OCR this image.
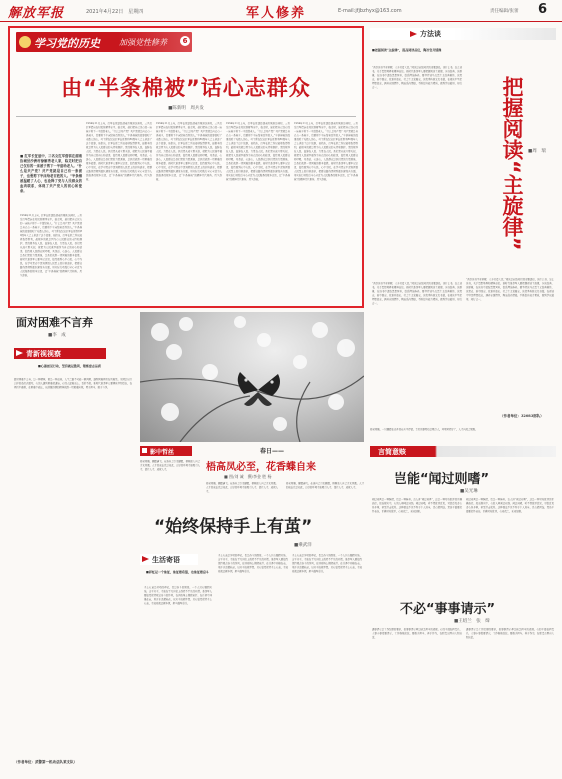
解放军报	2021年4月22日　星期四	军人修养	E-mail:jfjbzhyx@163.com	责任编辑/张蕾 6
学习党的历史 加强党性修养	6
由“半条棉被”话心志群众
■陈新明　周兵发
■ 红军长征途中，三名女红军借宿在湖南汝城县沙洲村徐解秀老人家，临走时把自己仅有的一床被子剪下一半留给老人。“什么是共产党？共产党就是自己有一条被子，也要剪下半床给老百姓的人。”半条棉被温暖了人心，也诠释了党与人民群众的血肉联系，体现了共产党人的初心和使命。
1934年11月上旬，红军长征途经湖南汝城县沙洲村，三名女红军借宿在村民徐解秀家中。临走时，她们把自己仅有的一床被子剪下一半留给老人。“什么是共产党？共产党就是自己有一条被子，也要剪下半床给老百姓的人。”半条棉被的故事温暖了无数人的心。习主席在纪念红军长征胜利80周年大会上讲述了这个故事，他指出，红军长征之所以能够取得胜利，最根本的就是因为有人民群众的支持和拥护。党的根基在人民、血脉在人民、力量在人民。我们党从成立那天起，就把为人民谋幸福作为自己的初心和使命，始终同人民群众同呼吸、共命运、心连心。人民群众是我们党的力量源泉，是我们战胜一切困难的根本依靠。新时代革命军人要牢记宗旨，始终做到心中有民、心中为民，在学习党史中深刻领悟人民至上的价值追求，把群众路线贯彻到部队建设各方面，用实际行动践行全心全意为人民服务的根本宗旨，让“半条棉被”的精神代代相传、历久弥新。
1934年11月上旬，红军长征途经湖南汝城县沙洲村，三名女红军借宿在村民徐解秀家中。临走时，她们把自己仅有的一床被子剪下一半留给老人。“什么是共产党？共产党就是自己有一条被子，也要剪下半床给老百姓的人。”半条棉被的故事温暖了无数人的心。习主席在纪念红军长征胜利80周年大会上讲述了这个故事，他指出，红军长征之所以能够取得胜利，最根本的就是因为有人民群众的支持和拥护。党的根基在人民、血脉在人民、力量在人民。我们党从成立那天起，就把为人民谋幸福作为自己的初心和使命，始终同人民群众同呼吸、共命运、心连心。人民群众是我们党的力量源泉，是我们战胜一切困难的根本依靠。新时代革命军人要牢记宗旨，始终做到心中有民、心中为民，在学习党史中深刻领悟人民至上的价值追求，把群众路线贯彻到部队建设各方面，用实际行动践行全心全意为人民服务的根本宗旨，让“半条棉被”的精神代代相传、历久弥新。
1934年11月上旬，红军长征途经湖南汝城县沙洲村，三名女红军借宿在村民徐解秀家中。临走时，她们把自己仅有的一床被子剪下一半留给老人。“什么是共产党？共产党就是自己有一条被子，也要剪下半床给老百姓的人。”半条棉被的故事温暖了无数人的心。习主席在纪念红军长征胜利80周年大会上讲述了这个故事，他指出，红军长征之所以能够取得胜利，最根本的就是因为有人民群众的支持和拥护。党的根基在人民、血脉在人民、力量在人民。我们党从成立那天起，就把为人民谋幸福作为自己的初心和使命，始终同人民群众同呼吸、共命运、心连心。人民群众是我们党的力量源泉，是我们战胜一切困难的根本依靠。新时代革命军人要牢记宗旨，始终做到心中有民、心中为民，在学习党史中深刻领悟人民至上的价值追求，把群众路线贯彻到部队建设各方面，用实际行动践行全心全意为人民服务的根本宗旨，让“半条棉被”的精神代代相传、历久弥新。
1934年11月上旬，红军长征途经湖南汝城县沙洲村，三名女红军借宿在村民徐解秀家中。临走时，她们把自己仅有的一床被子剪下一半留给老人。“什么是共产党？共产党就是自己有一条被子，也要剪下半床给老百姓的人。”半条棉被的故事温暖了无数人的心。习主席在纪念红军长征胜利80周年大会上讲述了这个故事，他指出，红军长征之所以能够取得胜利，最根本的就是因为有人民群众的支持和拥护。党的根基在人民、血脉在人民、力量在人民。我们党从成立那天起，就把为人民谋幸福作为自己的初心和使命，始终同人民群众同呼吸、共命运、心连心。人民群众是我们党的力量源泉，是我们战胜一切困难的根本依靠。新时代革命军人要牢记宗旨，始终做到心中有民、心中为民，在学习党史中深刻领悟人民至上的价值追求，把群众路线贯彻到部队建设各方面，用实际行动践行全心全意为人民服务的根本宗旨，让“半条棉被”的精神代代相传、历久弥新。
1934年11月上旬，红军长征途经湖南汝城县沙洲村，三名女红军借宿在村民徐解秀家中。临走时，她们把自己仅有的一床被子剪下一半留给老人。“什么是共产党？共产党就是自己有一条被子，也要剪下半床给老百姓的人。”半条棉被的故事温暖了无数人的心。习主席在纪念红军长征胜利80周年大会上讲述了这个故事，他指出，红军长征之所以能够取得胜利，最根本的就是因为有人民群众的支持和拥护。党的根基在人民、血脉在人民、力量在人民。我们党从成立那天起，就把为人民谋幸福作为自己的初心和使命，始终同人民群众同呼吸、共命运、心连心。人民群众是我们党的力量源泉，是我们战胜一切困难的根本依靠。新时代革命军人要牢记宗旨，始终做到心中有民、心中为民，在学习党史中深刻领悟人民至上的价值追求，把群众路线贯彻到部队建设各方面，用实际行动践行全心全意为人民服务的根本宗旨，让“半条棉被”的精神代代相传、历久弥新。
方法谈
■把握阅读“主旋律”，提高阅读品位，陶冶官兵情操
“我好读书不求甚解，大多只看大意。”阅读是获取知识的重要途径，读什么书、怎么读书，关乎思想境界和精神品位。新时代革命军人要把握阅读主旋律，多读经典、读原著，在读书中汲取思想营养，提高理论修养。要坚持读马克思主义经典著作，读党史、新中国史、改革开放史、社会主义发展史，读优秀传统文化书籍，在阅读中坚定理想信念，涵养家国情怀，陶冶高尚情操，不断提升能力素质，做到学以致用、知行合一。
“我好读书不求甚解，大多只看大意。”阅读是获取知识的重要途径，读什么书、怎么读书，关乎思想境界和精神品位。新时代革命军人要把握阅读主旋律，多读经典、读原著，在读书中汲取思想营养，提高理论修养。要坚持读马克思主义经典著作，读党史、新中国史、改革开放史、社会主义发展史，读优秀传统文化书籍，在阅读中坚定理想信念，涵养家国情怀，陶冶高尚情操，不断提升能力素质，做到学以致用、知行合一。
把握阅读“主旋律” ■周　瑞
“我好读书不求甚解，大多只看大意。”阅读是获取知识的重要途径，读什么书、怎么读书，关乎思想境界和精神品位。新时代革命军人要把握阅读主旋律，多读经典、读原著，在读书中汲取思想营养，提高理论修养。要坚持读马克思主义经典著作，读党史、新中国史、改革开放史、社会主义发展史，读优秀传统文化书籍，在阅读中坚定理想信念，涵养家国情怀，陶冶高尚情操，不断提升能力素质，做到学以致用、知行合一。
（作者单位：32083部队）
面对困难不言弃
■李　成
青新视视察
■心善而见行动，坚持就是胜利，锤炼意志品质
面对困难不言弃，是一种精神，更是一种品质。人生之路不可能一帆风顺，遇到困难挫折在所难免。关键是以什么样的态度去面对。有的人遇到困难就退缩，有的人迎难而上、百折不挠。新时代革命军人要锤炼坚韧意志，在挫折中磨砺，在困难中成长，以顽强拼搏的精神战胜一切艰难险阻，勇于担当、敢于斗争。
（作者单位：武警第一机动总队某支队）
影中哲丝	春日——
梧高凤必至，花香蝶自来
■ 图/刘 诚　撰/李金 胜 杨　　
春光明媚，蝴蝶翩飞。花香自会引来蝴蝶，梧桐高大自会引来凤凰。人才的成长也是如此，良好的环境才能吸引人才、留住人才、成就人才。
春光明媚，蝴蝶翩飞。花香自会引来蝴蝶，梧桐高大自会引来凤凰。人才的成长也是如此，良好的环境才能吸引人才、留住人才、成就人才。
春光明媚，蝴蝶翩飞。花香自会引来蝴蝶，梧桐高大自会引来凤凰。人才的成长也是如此，良好的环境才能吸引人才、留住人才、成就人才。
春光明媚，一只蝴蝶在盛开的花丛中停留。美好的事物总是吸引人，环境营造好了，人才自然会聚集。
“始终保持手上有茧”
■乘武洋
生活寄语
■彩虹是一个象征，象征着希望，也象征着奋斗
手上有茧是劳动的印记，也是奋斗的勋章。一个人只有脚踏实地、苦干实干，才能在平凡岗位上创造不平凡的业绩。革命军人要始终保持艰苦奋斗的作风，在训练场上摸爬滚打、在任务中冲锋在前，用汗水浇灌收获，以实干成就梦想。只有始终保持手上有茧，才能练就过硬本领，担当强军重任。
手上有茧是劳动的印记，也是奋斗的勋章。一个人只有脚踏实地、苦干实干，才能在平凡岗位上创造不平凡的业绩。革命军人要始终保持艰苦奋斗的作风，在训练场上摸爬滚打、在任务中冲锋在前，用汗水浇灌收获，以实干成就梦想。只有始终保持手上有茧，才能练就过硬本领，担当强军重任。
手上有茧是劳动的印记，也是奋斗的勋章。一个人只有脚踏实地、苦干实干，才能在平凡岗位上创造不平凡的业绩。革命军人要始终保持艰苦奋斗的作风，在训练场上摸爬滚打、在任务中冲锋在前，用汗水浇灌收获，以实干成就梦想。只有始终保持手上有茧，才能练就过硬本领，担当强军重任。
言简意赅
岂能“闻过则嗜”
■吴光琳
闻过则喜是一种胸襟，也是一种修养。古人讲“闻过则喜”，这是一种对待批评的正确态度。然而现实中，有的人却闻过则怒、闻过则嗜，听不得批评意见，对提意见者心存芥蒂，甚至打击报复。这种做法不仅不利于个人进步，也有损团结。党员干部要虚怀若谷，正确对待批评，有则改之，无则加勉。
闻过则喜是一种胸襟，也是一种修养。古人讲“闻过则喜”，这是一种对待批评的正确态度。然而现实中，有的人却闻过则怒、闻过则嗜，听不得批评意见，对提意见者心存芥蒂，甚至打击报复。这种做法不仅不利于个人进步，也有损团结。党员干部要虚怀若谷，正确对待批评，有则改之，无则加勉。
不必“事事请示”
■王绍兰　张　缔
遇事请示是工作纪律的要求，但事事请示却是缺乏担当的表现。有的干部怕担责任，大事小事都要请示，工作拖拖拉拉。要敢于担当、善于作为，在职责范围内大胆决策。
遇事请示是工作纪律的要求，但事事请示却是缺乏担当的表现。有的干部怕担责任，大事小事都要请示，工作拖拖拉拉。要敢于担当、善于作为，在职责范围内大胆决策。
